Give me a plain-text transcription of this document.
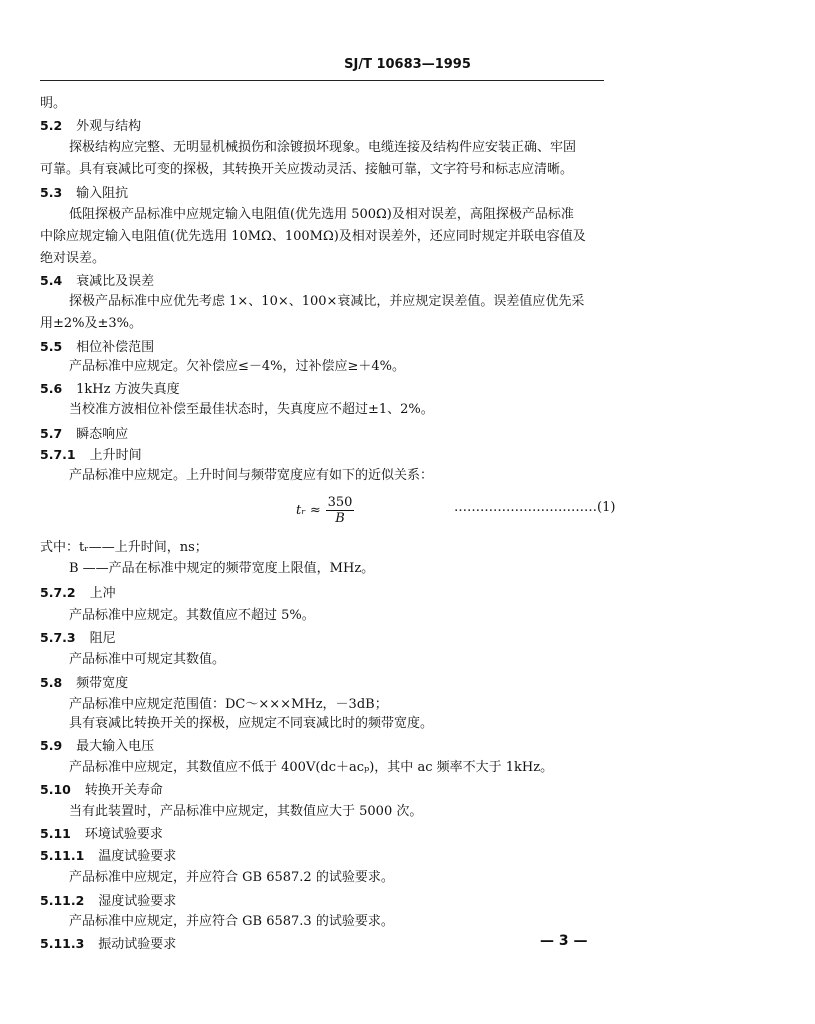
SJ/T 10683—1995
明。
5.2 外观与结构
探极结构应完整、无明显机械损伤和涂镀损坏现象。电缆连接及结构件应安装正确、牢固
可靠。具有衰减比可变的探极，其转换开关应拨动灵活、接触可靠，文字符号和标志应清晰。
5.3 输入阻抗
低阻探极产品标准中应规定输入电阻值(优先选用 500Ω)及相对误差，高阻探极产品标准
中除应规定输入电阻值(优先选用 10MΩ、100MΩ)及相对误差外，还应同时规定并联电容值及
绝对误差。
5.4 衰减比及误差
探极产品标准中应优先考虑 1×、10×、100×衰减比，并应规定误差值。误差值应优先采
用±2%及±3%。
5.5 相位补偿范围
产品标准中应规定。欠补偿应≤－4%，过补偿应≥＋4%。
5.6 1kHz 方波失真度
当校准方波相位补偿至最佳状态时，失真度应不超过±1、2%。
5.7 瞬态响应
5.7.1 上升时间
产品标准中应规定。上升时间与频带宽度应有如下的近似关系：
式中：tᵣ——上升时间，ns；
B ——产品在标准中规定的频带宽度上限值，MHz。
5.7.2 上冲
产品标准中应规定。其数值应不超过 5%。
5.7.3 阻尼
产品标准中可规定其数值。
5.8 频带宽度
产品标准中应规定范围值：DC～×××MHz，－3dB；
具有衰减比转换开关的探极，应规定不同衰减比时的频带宽度。
5.9 最大输入电压
产品标准中应规定，其数值应不低于 400V(dc＋acₚ)，其中 ac 频率不大于 1kHz。
5.10 转换开关寿命
当有此装置时，产品标准中应规定，其数值应大于 5000 次。
5.11 环境试验要求
5.11.1 温度试验要求
产品标准中应规定，并应符合 GB 6587.2 的试验要求。
5.11.2 湿度试验要求
产品标准中应规定，并应符合 GB 6587.3 的试验要求。
5.11.3 振动试验要求
tᵣ ≈ $\frac{350}{B}$	……………………………(1)
— 3 —
